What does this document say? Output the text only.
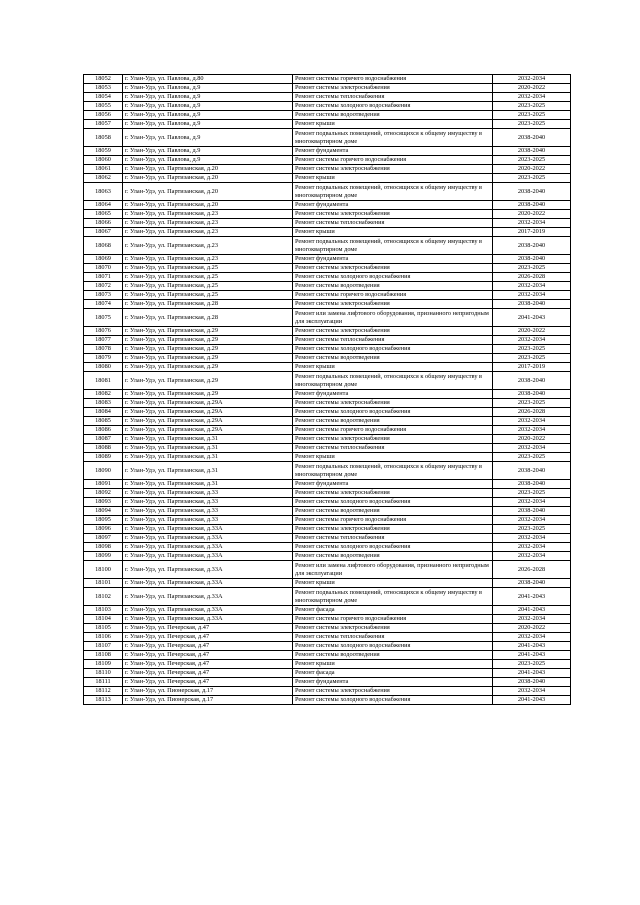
18052	г. Улан-Удэ, ул. Павлова, д.80	Ремонт системы горячего водоснабжения	2032-2034
18053	г. Улан-Удэ, ул. Павлова, д.9	Ремонт системы электроснабжения	2020-2022
18054	г. Улан-Удэ, ул. Павлова, д.9	Ремонт системы теплоснабжения	2032-2034
18055	г. Улан-Удэ, ул. Павлова, д.9	Ремонт системы холодного водоснабжения	2023-2025
18056	г. Улан-Удэ, ул. Павлова, д.9	Ремонт системы водоотведения	2023-2025
18057	г. Улан-Удэ, ул. Павлова, д.9	Ремонт крыши	2023-2025
18058	г. Улан-Удэ, ул. Павлова, д.9	Ремонт подвальных помещений, относящихся к общему имуществу в многоквартирном доме	2038-2040
18059	г. Улан-Удэ, ул. Павлова, д.9	Ремонт фундамента	2038-2040
18060	г. Улан-Удэ, ул. Павлова, д.9	Ремонт системы горячего водоснабжения	2023-2025
18061	г. Улан-Удэ, ул. Партизанская, д.20	Ремонт системы электроснабжения	2020-2022
18062	г. Улан-Удэ, ул. Партизанская, д.20	Ремонт крыши	2023-2025
18063	г. Улан-Удэ, ул. Партизанская, д.20	Ремонт подвальных помещений, относящихся к общему имуществу в многоквартирном доме	2038-2040
18064	г. Улан-Удэ, ул. Партизанская, д.20	Ремонт фундамента	2038-2040
18065	г. Улан-Удэ, ул. Партизанская, д.23	Ремонт системы электроснабжения	2020-2022
18066	г. Улан-Удэ, ул. Партизанская, д.23	Ремонт системы теплоснабжения	2032-2034
18067	г. Улан-Удэ, ул. Партизанская, д.23	Ремонт крыши	2017-2019
18068	г. Улан-Удэ, ул. Партизанская, д.23	Ремонт подвальных помещений, относящихся к общему имуществу в многоквартирном доме	2038-2040
18069	г. Улан-Удэ, ул. Партизанская, д.23	Ремонт фундамента	2038-2040
18070	г. Улан-Удэ, ул. Партизанская, д.25	Ремонт системы электроснабжения	2023-2025
18071	г. Улан-Удэ, ул. Партизанская, д.25	Ремонт системы холодного водоснабжения	2026-2028
18072	г. Улан-Удэ, ул. Партизанская, д.25	Ремонт системы водоотведения	2032-2034
18073	г. Улан-Удэ, ул. Партизанская, д.25	Ремонт системы горячего водоснабжения	2032-2034
18074	г. Улан-Удэ, ул. Партизанская, д.28	Ремонт системы электроснабжения	2038-2040
18075	г. Улан-Удэ, ул. Партизанская, д.28	Ремонт или замена лифтового оборудования, признанного непригодным для эксплуатации	2041-2043
18076	г. Улан-Удэ, ул. Партизанская, д.29	Ремонт системы электроснабжения	2020-2022
18077	г. Улан-Удэ, ул. Партизанская, д.29	Ремонт системы теплоснабжения	2032-2034
18078	г. Улан-Удэ, ул. Партизанская, д.29	Ремонт системы холодного водоснабжения	2023-2025
18079	г. Улан-Удэ, ул. Партизанская, д.29	Ремонт системы водоотведения	2023-2025
18080	г. Улан-Удэ, ул. Партизанская, д.29	Ремонт крыши	2017-2019
18081	г. Улан-Удэ, ул. Партизанская, д.29	Ремонт подвальных помещений, относящихся к общему имуществу в многоквартирном доме	2038-2040
18082	г. Улан-Удэ, ул. Партизанская, д.29	Ремонт фундамента	2038-2040
18083	г. Улан-Удэ, ул. Партизанская, д.29А	Ремонт системы электроснабжения	2023-2025
18084	г. Улан-Удэ, ул. Партизанская, д.29А	Ремонт системы холодного водоснабжения	2026-2028
18085	г. Улан-Удэ, ул. Партизанская, д.29А	Ремонт системы водоотведения	2032-2034
18086	г. Улан-Удэ, ул. Партизанская, д.29А	Ремонт системы горячего водоснабжения	2032-2034
18087	г. Улан-Удэ, ул. Партизанская, д.31	Ремонт системы электроснабжения	2020-2022
18088	г. Улан-Удэ, ул. Партизанская, д.31	Ремонт системы теплоснабжения	2032-2034
18089	г. Улан-Удэ, ул. Партизанская, д.31	Ремонт крыши	2023-2025
18090	г. Улан-Удэ, ул. Партизанская, д.31	Ремонт подвальных помещений, относящихся к общему имуществу в многоквартирном доме	2038-2040
18091	г. Улан-Удэ, ул. Партизанская, д.31	Ремонт фундамента	2038-2040
18092	г. Улан-Удэ, ул. Партизанская, д.33	Ремонт системы электроснабжения	2023-2025
18093	г. Улан-Удэ, ул. Партизанская, д.33	Ремонт системы холодного водоснабжения	2032-2034
18094	г. Улан-Удэ, ул. Партизанская, д.33	Ремонт системы водоотведения	2038-2040
18095	г. Улан-Удэ, ул. Партизанская, д.33	Ремонт системы горячего водоснабжения	2032-2034
18096	г. Улан-Удэ, ул. Партизанская, д.33А	Ремонт системы электроснабжения	2023-2025
18097	г. Улан-Удэ, ул. Партизанская, д.33А	Ремонт системы теплоснабжения	2032-2034
18098	г. Улан-Удэ, ул. Партизанская, д.33А	Ремонт системы холодного водоснабжения	2032-2034
18099	г. Улан-Удэ, ул. Партизанская, д.33А	Ремонт системы водоотведения	2032-2034
18100	г. Улан-Удэ, ул. Партизанская, д.33А	Ремонт или замена лифтового оборудования, признанного непригодным для эксплуатации	2026-2028
18101	г. Улан-Удэ, ул. Партизанская, д.33А	Ремонт крыши	2038-2040
18102	г. Улан-Удэ, ул. Партизанская, д.33А	Ремонт подвальных помещений, относящихся к общему имуществу в многоквартирном доме	2041-2043
18103	г. Улан-Удэ, ул. Партизанская, д.33А	Ремонт фасада	2041-2043
18104	г. Улан-Удэ, ул. Партизанская, д.33А	Ремонт системы горячего водоснабжения	2032-2034
18105	г. Улан-Удэ, ул. Печерская, д.47	Ремонт системы электроснабжения	2020-2022
18106	г. Улан-Удэ, ул. Печерская, д.47	Ремонт системы теплоснабжения	2032-2034
18107	г. Улан-Удэ, ул. Печерская, д.47	Ремонт системы холодного водоснабжения	2041-2043
18108	г. Улан-Удэ, ул. Печерская, д.47	Ремонт системы водоотведения	2041-2043
18109	г. Улан-Удэ, ул. Печерская, д.47	Ремонт крыши	2023-2025
18110	г. Улан-Удэ, ул. Печерская, д.47	Ремонт фасада	2041-2043
18111	г. Улан-Удэ, ул. Печерская, д.47	Ремонт фундамента	2038-2040
18112	г. Улан-Удэ, ул. Пионерская, д.17	Ремонт системы электроснабжения	2032-2034
18113	г. Улан-Удэ, ул. Пионерская, д.17	Ремонт системы холодного водоснабжения	2041-2043
